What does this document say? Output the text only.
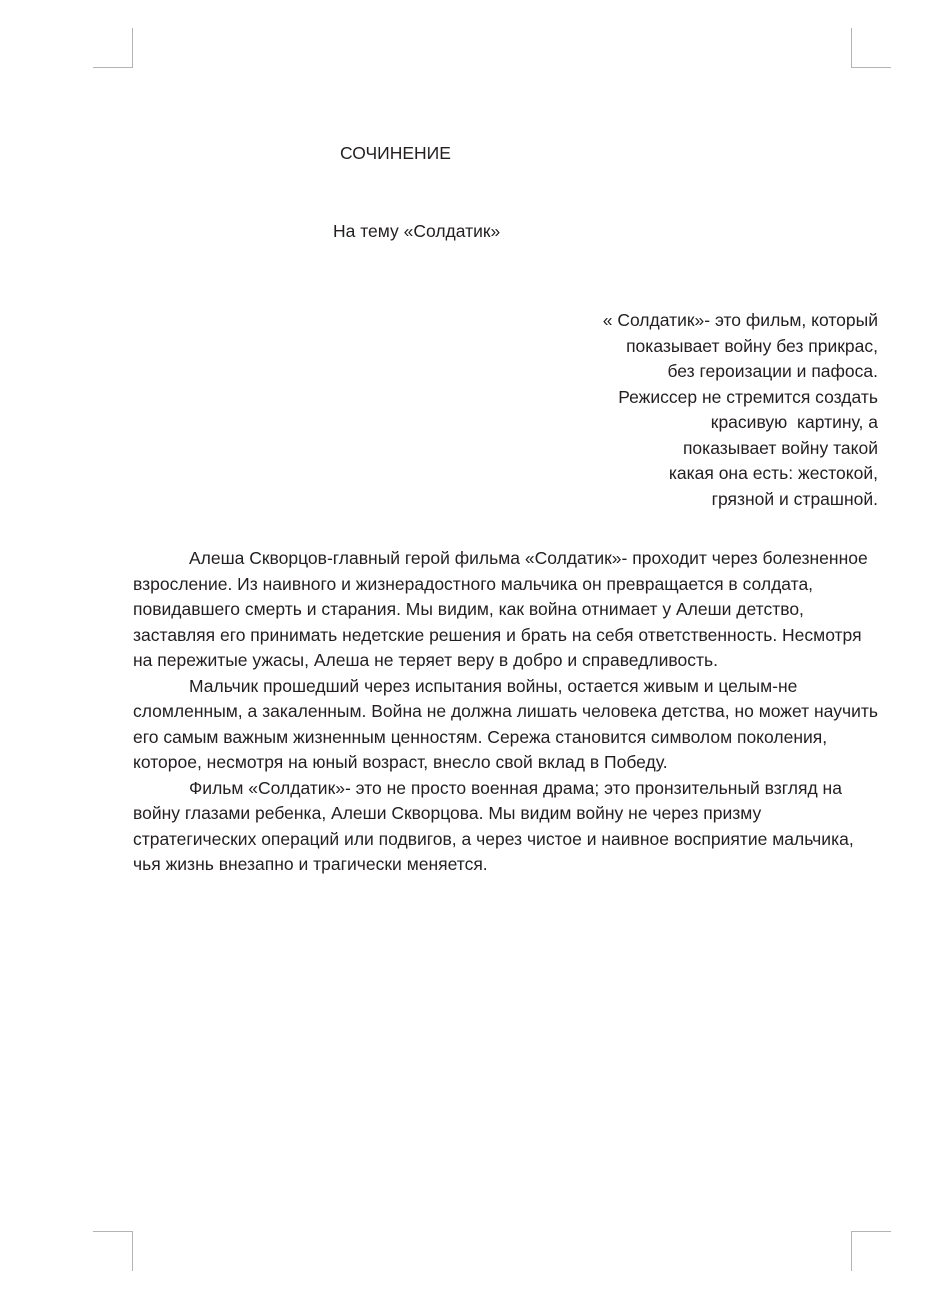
СОЧИНЕНИЕ

На тему «Солдатик»

« Солдатик»- это фильм, который
показывает войну без прикрас,
без героизации и пафоса.
Режиссер не стремится создать
красивую  картину, а
показывает войну такой
какая она есть: жестокой,
грязной и страшной.

Алеша Скворцов-главный герой фильма «Солдатик»- проходит через болезненное взросление. Из наивного и жизнерадостного мальчика он превращается в солдата, повидавшего смерть и старания. Мы видим, как война отнимает у Алеши детство, заставляя его принимать недетские решения и брать на себя ответственность. Несмотря на пережитые ужасы, Алеша не теряет веру в добро и справедливость.

Мальчик прошедший через испытания войны, остается живым и целым-не сломленным, а закаленным. Война не должна лишать человека детства, но может научить его самым важным жизненным ценностям. Сережа становится символом поколения, которое, несмотря на юный возраст, внесло свой вклад в Победу.

Фильм «Солдатик»- это не просто военная драма; это пронзительный взгляд на войну глазами ребенка, Алеши Скворцова. Мы видим войну не через призму стратегических операций или подвигов, а через чистое и наивное восприятие мальчика, чья жизнь внезапно и трагически меняется.
